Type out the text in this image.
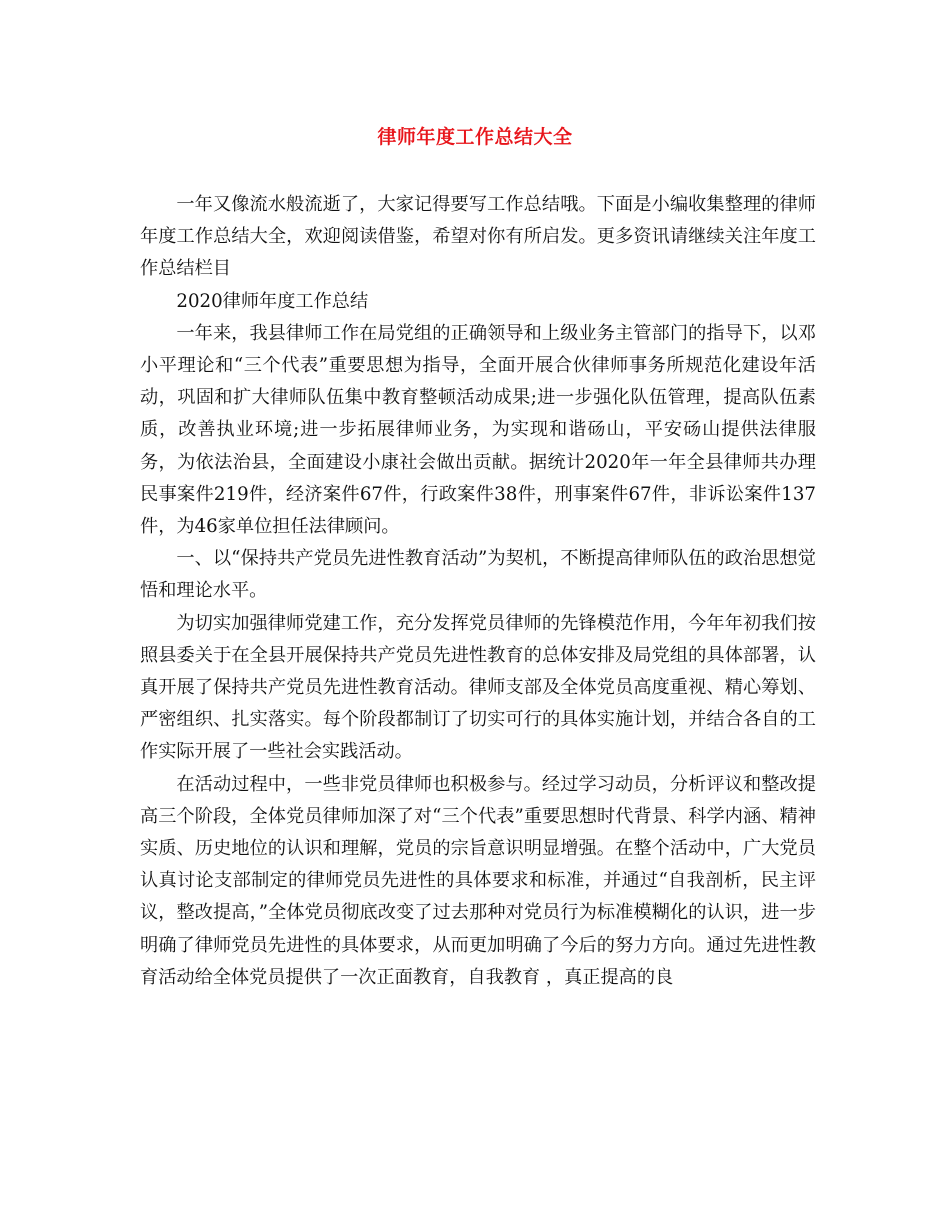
律师年度工作总结大全

一年又像流水般流逝了，大家记得要写工作总结哦。下面是小编收集整理的律师年度工作总结大全，欢迎阅读借鉴，希望对你有所启发。更多资讯请继续关注年度工作总结栏目

2020律师年度工作总结

一年来，我县律师工作在局党组的正确领导和上级业务主管部门的指导下，以邓小平理论和“三个代表”重要思想为指导，全面开展合伙律师事务所规范化建设年活动，巩固和扩大律师队伍集中教育整顿活动成果;进一步强化队伍管理，提高队伍素质，改善执业环境;进一步拓展律师业务，为实现和谐砀山，平安砀山提供法律服务，为依法治县，全面建设小康社会做出贡献。据统计2020年一年全县律师共办理民事案件219件，经济案件67件，行政案件38件，刑事案件67件，非诉讼案件137件，为46家单位担任法律顾问。

一、以“保持共产党员先进性教育活动”为契机，不断提高律师队伍的政治思想觉悟和理论水平。

为切实加强律师党建工作，充分发挥党员律师的先锋模范作用，今年年初我们按照县委关于在全县开展保持共产党员先进性教育的总体安排及局党组的具体部署，认真开展了保持共产党员先进性教育活动。律师支部及全体党员高度重视、精心筹划、严密组织、扎实落实。每个阶段都制订了切实可行的具体实施计划，并结合各自的工作实际开展了一些社会实践活动。

在活动过程中，一些非党员律师也积极参与。经过学习动员，分析评议和整改提高三个阶段，全体党员律师加深了对“三个代表”重要思想时代背景、科学内涵、精神实质、历史地位的认识和理解，党员的宗旨意识明显增强。在整个活动中，广大党员认真讨论支部制定的律师党员先进性的具体要求和标准，并通过“自我剖析，民主评议，整改提高，”全体党员彻底改变了过去那种对党员行为标准模糊化的认识，进一步明确了律师党员先进性的具体要求，从而更加明确了今后的努力方向。通过先进性教育活动给全体党员提供了一次正面教育，自我教育 ，真正提高的良
